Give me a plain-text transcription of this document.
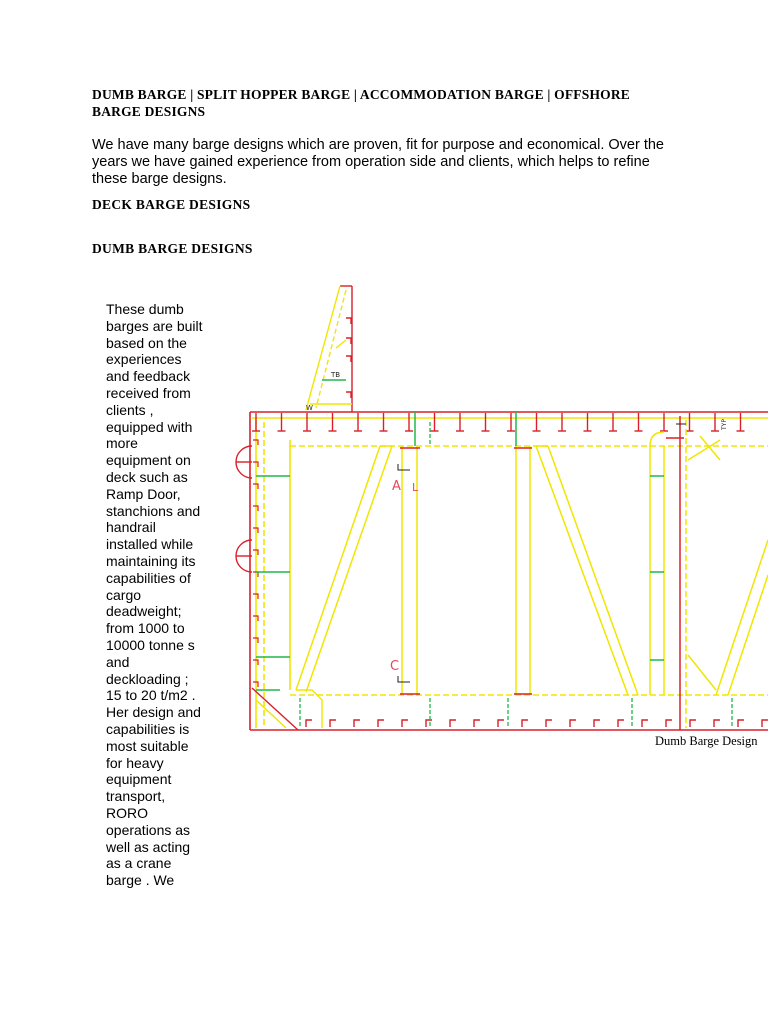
DUMB BARGE | SPLIT HOPPER BARGE | ACCOMMODATION BARGE | OFFSHORE BARGE DESIGNS
We have many barge designs which are proven, fit for purpose and economical. Over the years we have gained experience from operation side and clients, which helps to refine these barge designs.
DECK BARGE DESIGNS
DUMB BARGE DESIGNS

These dumb barges are built based on the experiences and feedback received from clients , equipped with more equipment on deck such as Ramp Door, stanchions and handrail installed while maintaining its capabilities of cargo deadweight; from 1000 to 10000 tonne s and deckloading ; 15 to 20 t/m2 . Her design and capabilities is most suitable for heavy equipment transport, RORO operations as well as acting as a crane barge . We

TB
W
A L
C
TYP
Dumb Barge Design
